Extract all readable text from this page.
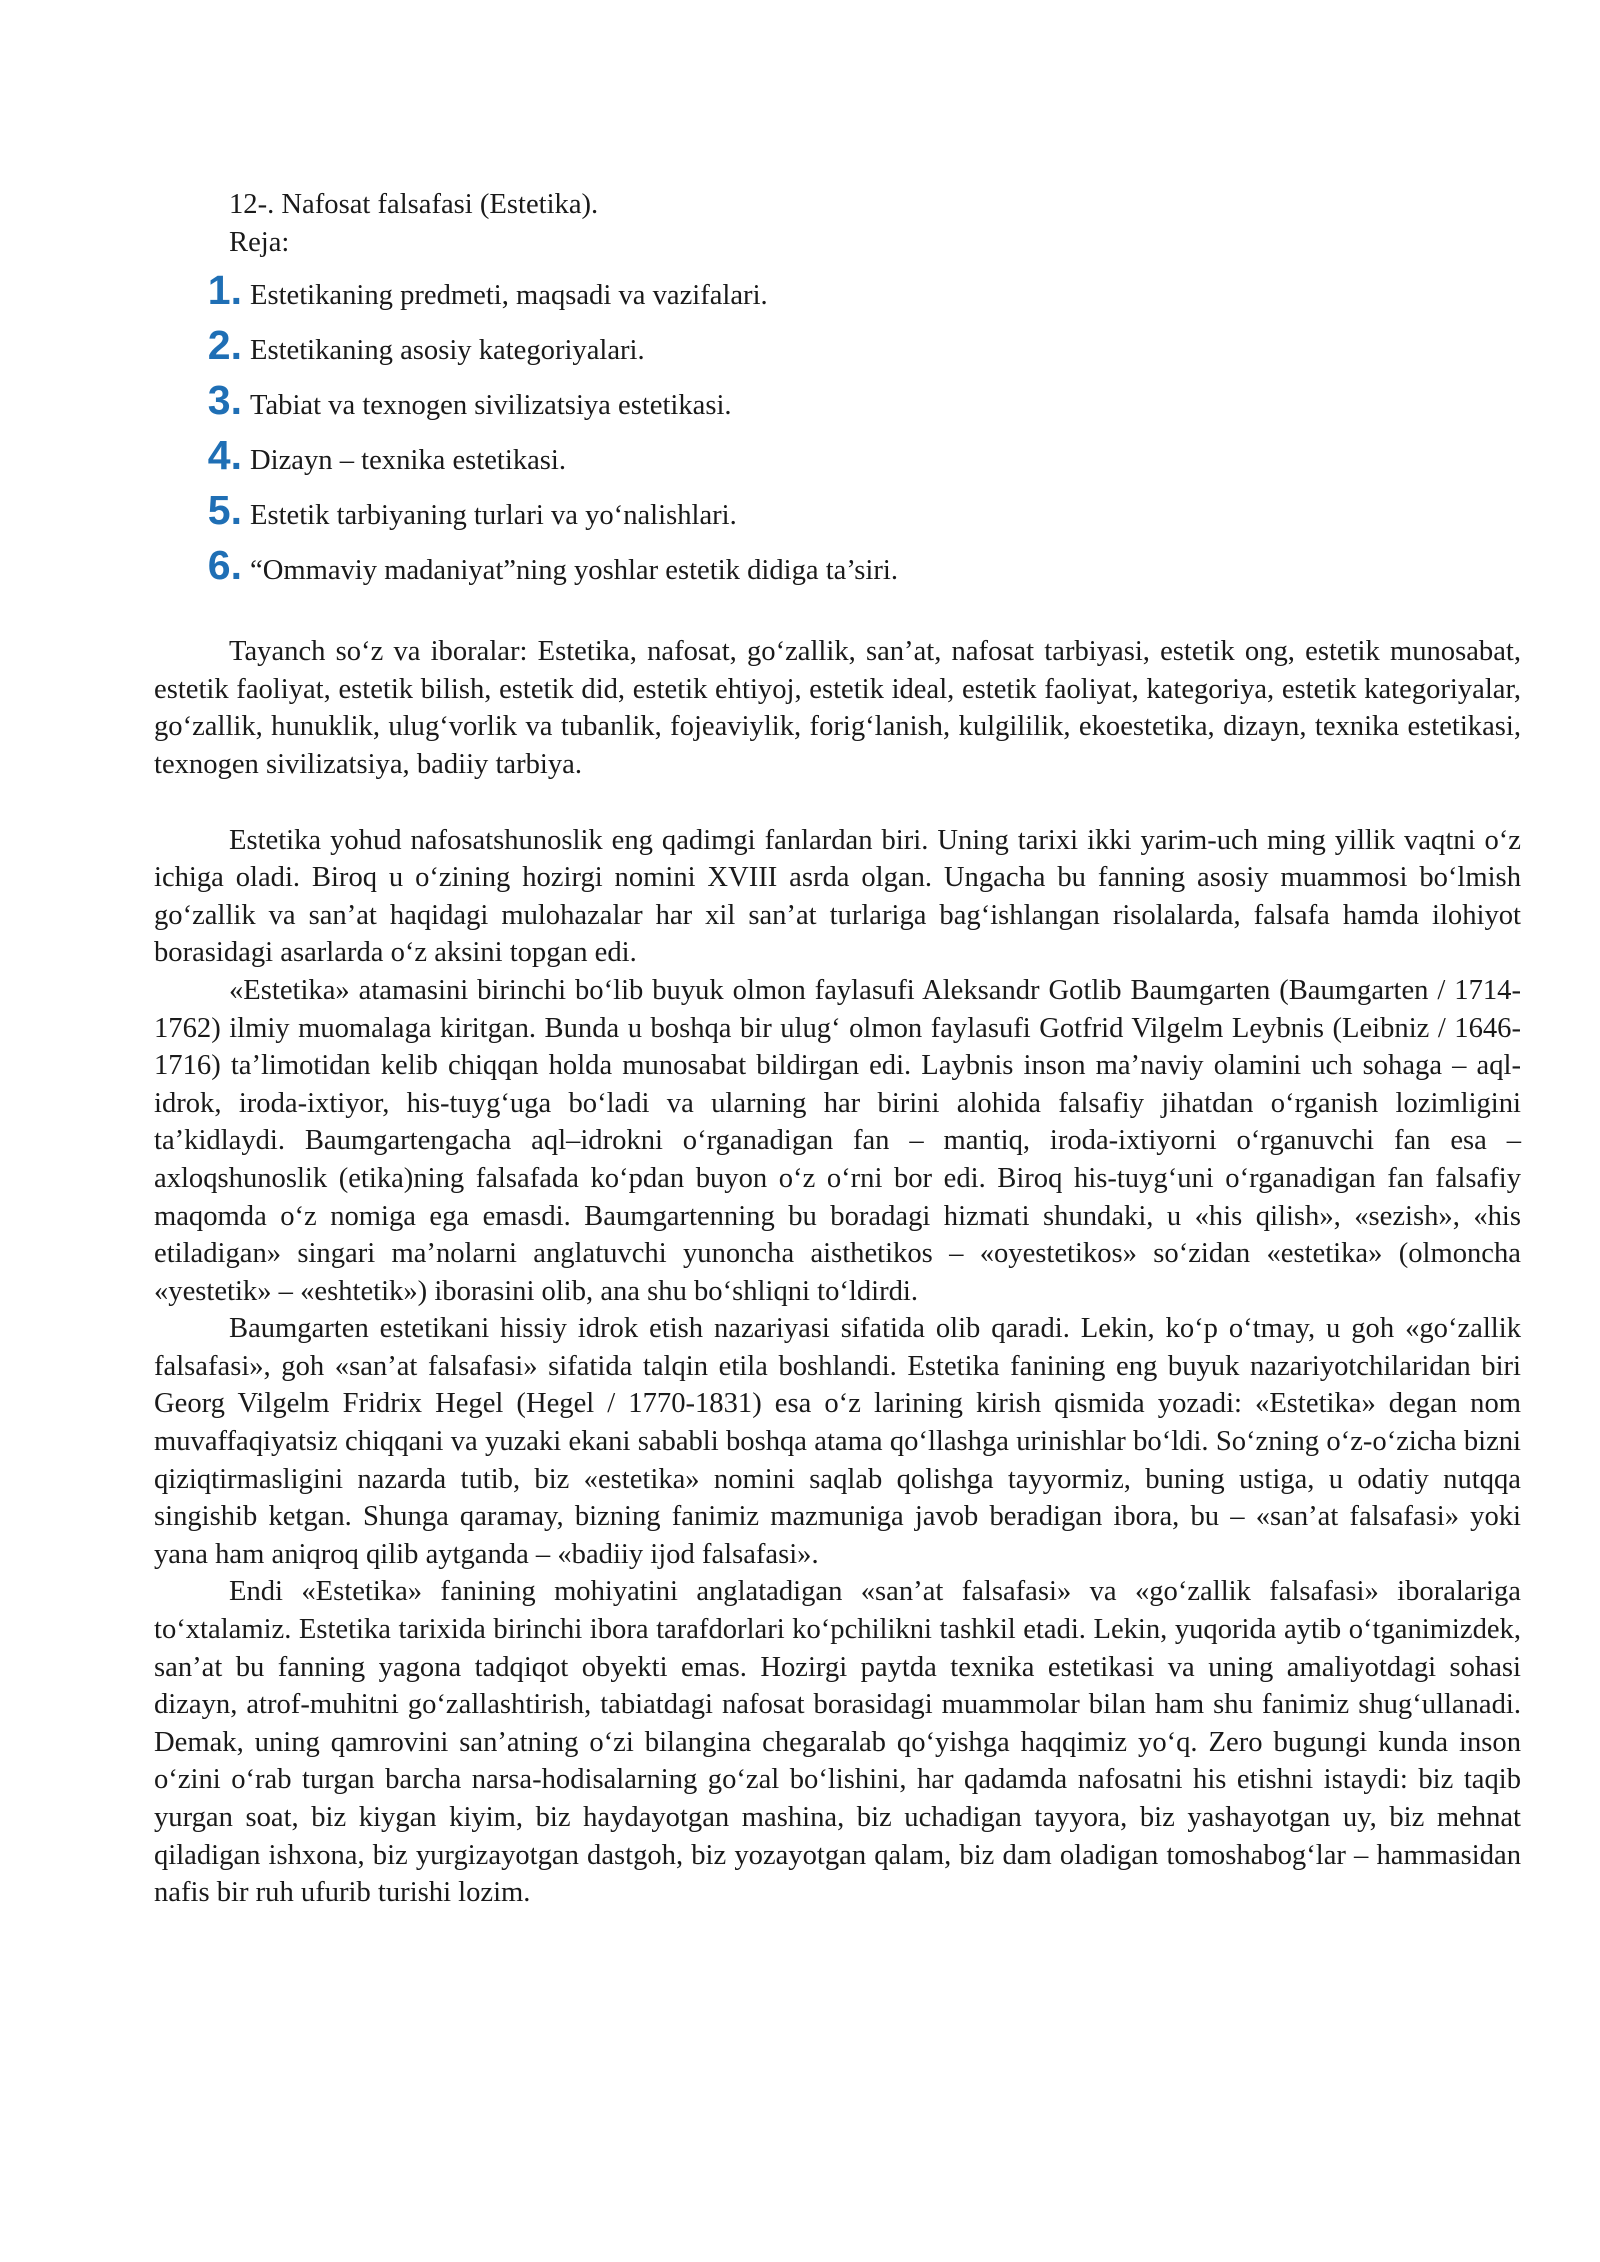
12-. Nafosat falsafasi (Estetika).
Reja:
1. Estetikaning predmeti, maqsadi va vazifalari.
2. Estetikaning asosiy kategoriyalari.
3. Tabiat va texnogen sivilizatsiya estetikasi.
4. Dizayn – texnika estetikasi.
5. Estetik tarbiyaning turlari va yo‘nalishlari.
6. “Ommaviy madaniyat”ning yoshlar estetik didiga ta’siri.

Tayanch so‘z va iboralar: Estetika, nafosat, go‘zallik, san’at, nafosat tarbiyasi, estetik ong, estetik munosabat, estetik faoliyat, estetik bilish, estetik did, estetik ehtiyoj, estetik ideal, estetik faoliyat, kategoriya, estetik kategoriyalar, go‘zallik, hunuklik, ulug‘vorlik va tubanlik, fojeaviylik, forig‘lanish, kulgililik, ekoestetika, dizayn, texnika estetikasi, texnogen sivilizatsiya, badiiy tarbiya.

Estetika yohud nafosatshunoslik eng qadimgi fanlardan biri. Uning tarixi ikki yarim-uch ming yillik vaqtni o‘z ichiga oladi. Biroq u o‘zining hozirgi nomini XVIII asrda olgan. Ungacha bu fanning asosiy muammosi bo‘lmish go‘zallik va san’at haqidagi mulohazalar har xil san’at turlariga bag‘ishlangan risolalarda, falsafa hamda ilohiyot borasidagi asarlarda o‘z aksini topgan edi.

«Estetika» atamasini birinchi bo‘lib buyuk olmon faylasufi Aleksandr Gotlib Baumgarten (Baumgarten / 1714-1762) ilmiy muomalaga kiritgan. Bunda u boshqa bir ulug‘ olmon faylasufi Gotfrid Vilgelm Leybnis (Leibniz / 1646-1716) ta’limotidan kelib chiqqan holda munosabat bildirgan edi. Laybnis inson ma’naviy olamini uch sohaga – aql-idrok, iroda-ixtiyor, his-tuyg‘uga bo‘ladi va ularning har birini alohida falsafiy jihatdan o‘rganish lozimligini ta’kidlaydi. Baumgartengacha aql–idrokni o‘rganadigan fan – mantiq, iroda-ixtiyorni o‘rganuvchi fan esa – axloqshunoslik (etika)ning falsafada ko‘pdan buyon o‘z o‘rni bor edi. Biroq his-tuyg‘uni o‘rganadigan fan falsafiy maqomda o‘z nomiga ega emasdi. Baumgartenning bu boradagi hizmati shundaki, u «his qilish», «sezish», «his etiladigan» singari ma’nolarni anglatuvchi yunoncha aisthetikos – «oyestetikos» so‘zidan «estetika» (olmoncha «yestetik» – «eshtetik») iborasini olib, ana shu bo‘shliqni to‘ldirdi.

Baumgarten estetikani hissiy idrok etish nazariyasi sifatida olib qaradi. Lekin, ko‘p o‘tmay, u goh «go‘zallik falsafasi», goh «san’at falsafasi» sifatida talqin etila boshlandi. Estetika fanining eng buyuk nazariyotchilaridan biri Georg Vilgelm Fridrix Hegel (Hegel / 1770-1831) esa o‘z larining kirish qismida yozadi: «Estetika» degan nom muvaffaqiyatsiz chiqqani va yuzaki ekani sababli boshqa atama qo‘llashga urinishlar bo‘ldi. So‘zning o‘z-o‘zicha bizni qiziqtirmasligini nazarda tutib, biz «estetika» nomini saqlab qolishga tayyormiz, buning ustiga, u odatiy nutqqa singishib ketgan. Shunga qaramay, bizning fanimiz mazmuniga javob beradigan ibora, bu – «san’at falsafasi» yoki yana ham aniqroq qilib aytganda – «badiiy ijod falsafasi».

Endi «Estetika» fanining mohiyatini anglatadigan «san’at falsafasi» va «go‘zallik falsafasi» iboralariga to‘xtalamiz. Estetika tarixida birinchi ibora tarafdorlari ko‘pchilikni tashkil etadi. Lekin, yuqorida aytib o‘tganimizdek, san’at bu fanning yagona tadqiqot obyekti emas. Hozirgi paytda texnika estetikasi va uning amaliyotdagi sohasi dizayn, atrof-muhitni go‘zallashtirish, tabiatdagi nafosat borasidagi muammolar bilan ham shu fanimiz shug‘ullanadi. Demak, uning qamrovini san’atning o‘zi bilangina chegaralab qo‘yishga haqqimiz yo‘q. Zero bugungi kunda inson o‘zini o‘rab turgan barcha narsa-hodisalarning go‘zal bo‘lishini, har qadamda nafosatni his etishni istaydi: biz taqib yurgan soat, biz kiygan kiyim, biz haydayotgan mashina, biz uchadigan tayyora, biz yashayotgan uy, biz mehnat qiladigan ishxona, biz yurgizayotgan dastgoh, biz yozayotgan qalam, biz dam oladigan tomoshabog‘lar – hammasidan nafis bir ruh ufurib turishi lozim.
